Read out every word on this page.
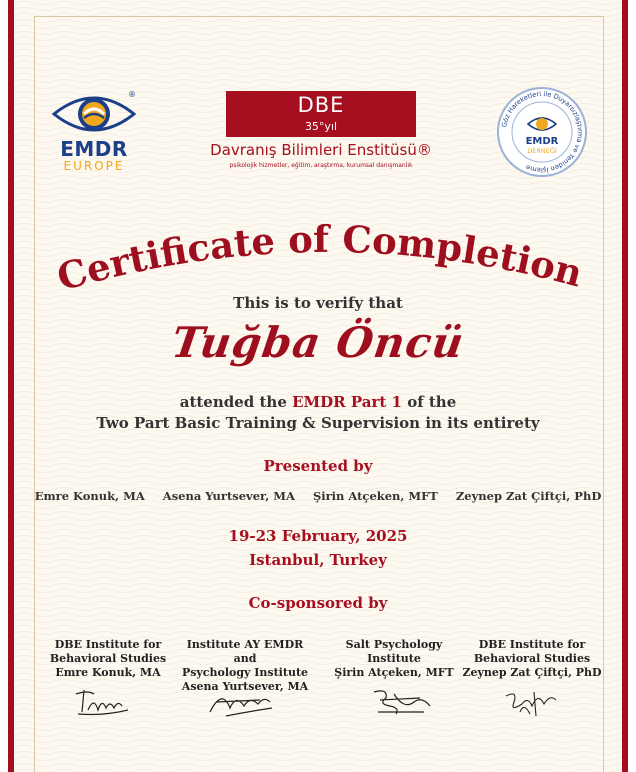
EMDR
EUROPE
®	DBE
35°yıl
Davranış Bilimleri Enstitüsü®
psikolojik hizmetler, eğitim, araştırma, kurumsal danışmanlık
Göz Hareketleri ile Duyarsızlaştırma ve Yeniden İşleme
EMDR
DERNEĞİ
Certificate of Completion
This is to verify that
Tuğba Öncü
attended the EMDR Part 1 of the
Two Part Basic Training & Supervision in its entirety
Presented by
Emre Konuk, MA Asena Yurtsever, MA Şirin Atçeken, MFT Zeynep Zat Çiftçi, PhD
19-23 February, 2025
Istanbul, Turkey
Co-sponsored by
DBE Institute for
Behavioral Studies
Emre Konuk, MA
Institute AY EMDR and
Psychology Institute
Asena Yurtsever, MA
Salt Psychology Institute
Şirin Atçeken, MFT
DBE Institute for
Behavioral Studies
Zeynep Zat Çiftçi, PhD
